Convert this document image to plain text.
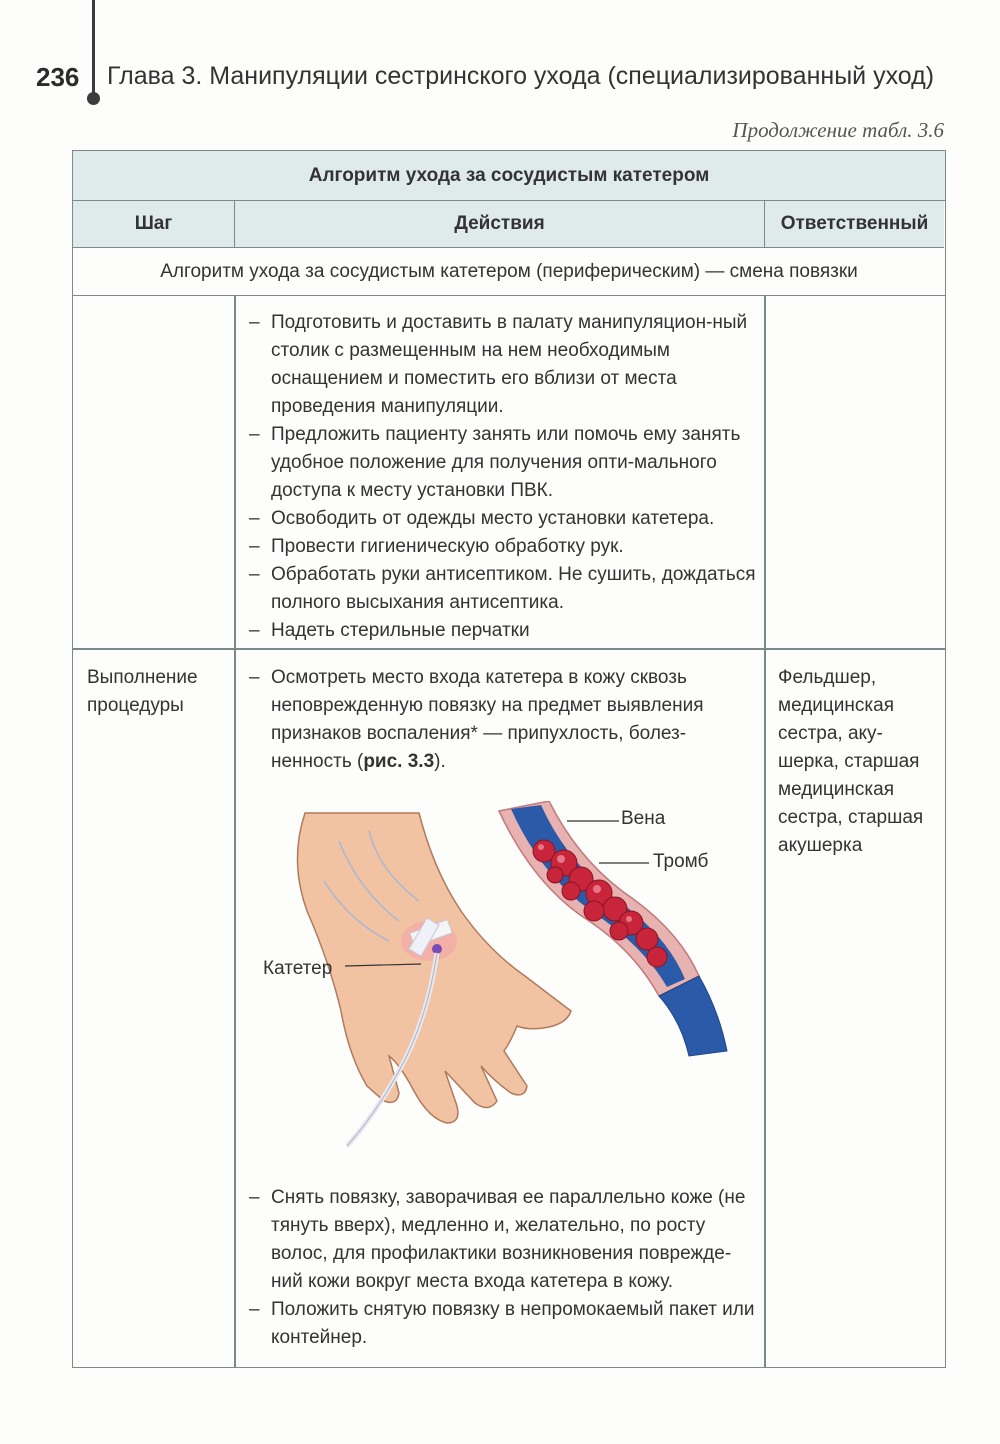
236 Глава 3. Манипуляции сестринского ухода (специализированный уход)
Продолжение табл. 3.6
Алгоритм ухода за сосудистым катетером
Шаг	Действия	Ответственный
Алгоритм ухода за сосудистым катетером (периферическим) — смена повязки
– Подготовить и доставить в палату манипуляцион-ный столик с размещенным на нем необходимым оснащением и поместить его вблизи от места проведения манипуляции.
– Предложить пациенту занять или помочь ему занять удобное положение для получения опти-мального доступа к месту установки ПВК.
– Освободить от одежды место установки катетера.
– Провести гигиеническую обработку рук.
– Обработать руки антисептиком. Не сушить, дождаться полного высыхания антисептика.
– Надеть стерильные перчатки
Выполнение процедуры
– Осмотреть место входа катетера в кожу сквозь неповрежденную повязку на предмет выявления признаков воспаления* — припухлость, болез-ненность (рис. 3.3).
Вена
Тромб
Катетер
– Снять повязку, заворачивая ее параллельно коже (не тянуть вверх), медленно и, желательно, по росту волос, для профилактики возникновения поврежде-ний кожи вокруг места входа катетера в кожу.
– Положить снятую повязку в непромокаемый пакет или контейнер.
Фельдшер, медицинская сестра, аку-шерка, старшая медицинская сестра, старшая акушерка
